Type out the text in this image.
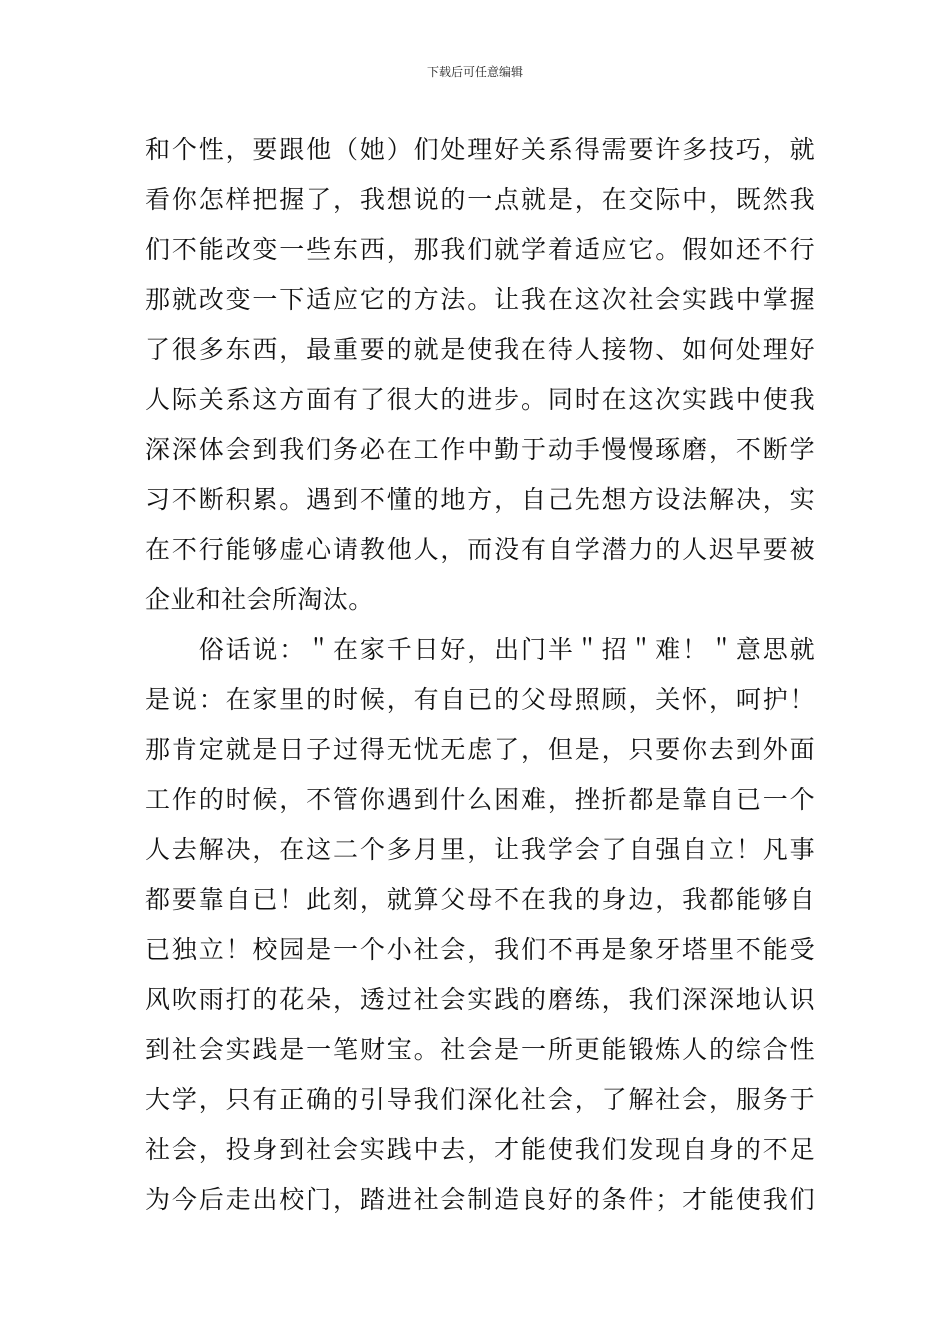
下载后可任意编辑
和个性，要跟他（她）们处理好关系得需要许多技巧，就
看你怎样把握了，我想说的一点就是，在交际中，既然我
们不能改变一些东西，那我们就学着适应它。假如还不行
那就改变一下适应它的方法。让我在这次社会实践中掌握
了很多东西，最重要的就是使我在待人接物、如何处理好
人际关系这方面有了很大的进步。同时在这次实践中使我
深深体会到我们务必在工作中勤于动手慢慢琢磨，不断学
习不断积累。遇到不懂的地方，自己先想方设法解决，实
在不行能够虚心请教他人，而没有自学潜力的人迟早要被
企业和社会所淘汰。
　　俗话说：＂在家千日好，出门半＂招＂难！＂意思就
是说：在家里的时候，有自已的父母照顾，关怀，呵护！
那肯定就是日子过得无忧无虑了，但是，只要你去到外面
工作的时候，不管你遇到什么困难，挫折都是靠自已一个
人去解决，在这二个多月里，让我学会了自强自立！凡事
都要靠自已！此刻，就算父母不在我的身边，我都能够自
已独立！校园是一个小社会，我们不再是象牙塔里不能受
风吹雨打的花朵，透过社会实践的磨练，我们深深地认识
到社会实践是一笔财宝。社会是一所更能锻炼人的综合性
大学，只有正确的引导我们深化社会，了解社会，服务于
社会，投身到社会实践中去，才能使我们发现自身的不足
为今后走出校门，踏进社会制造良好的条件；才能使我们
